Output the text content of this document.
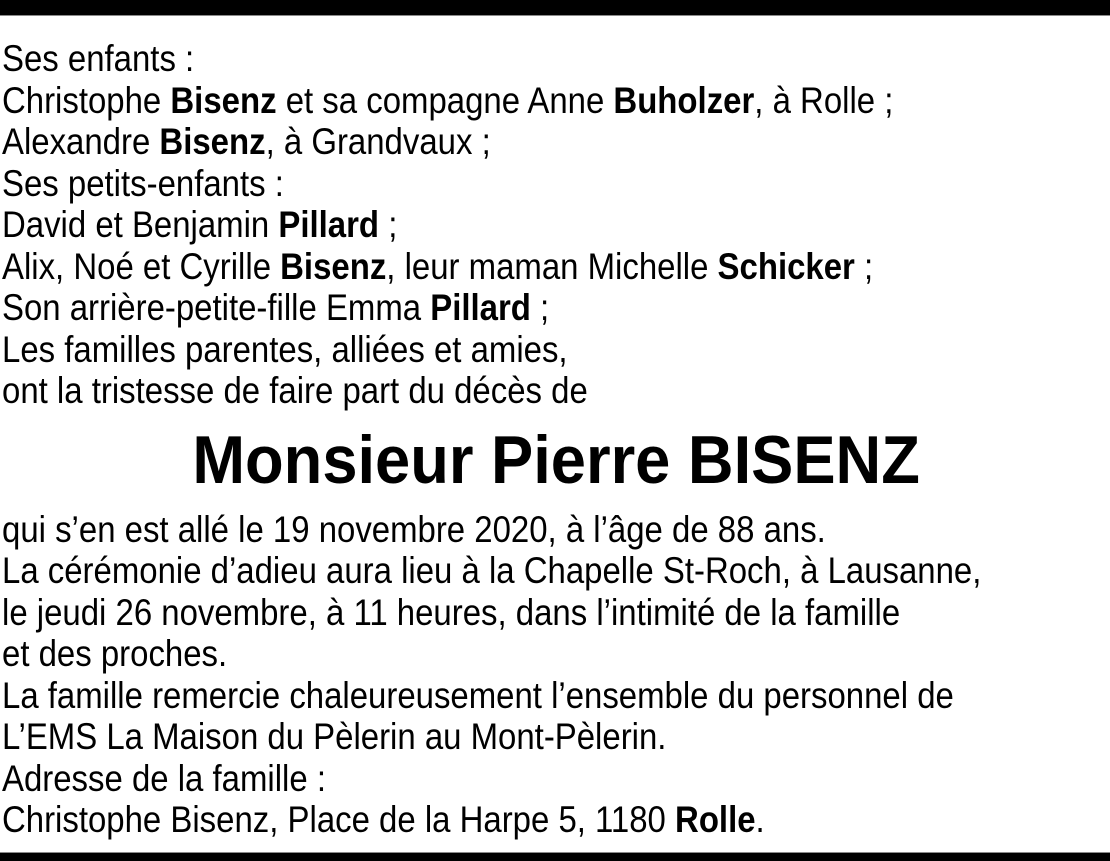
Ses enfants :
Christophe Bisenz et sa compagne Anne Buholzer, à Rolle ;
Alexandre Bisenz, à Grandvaux ;
Ses petits-enfants :
David et Benjamin Pillard ;
Alix, Noé et Cyrille Bisenz, leur maman Michelle Schicker ;
Son arrière-petite-fille Emma Pillard ;
Les familles parentes, alliées et amies,
ont la tristesse de faire part du décès de
Monsieur Pierre BISENZ
qui s’en est allé le 19 novembre 2020, à l’âge de 88 ans.
La cérémonie d’adieu aura lieu à la Chapelle St-Roch, à Lausanne,
le jeudi 26 novembre, à 11 heures, dans l’intimité de la famille
et des proches.
La famille remercie chaleureusement l’ensemble du personnel de
L’EMS La Maison du Pèlerin au Mont-Pèlerin.
Adresse de la famille :
Christophe Bisenz, Place de la Harpe 5, 1180 Rolle.
